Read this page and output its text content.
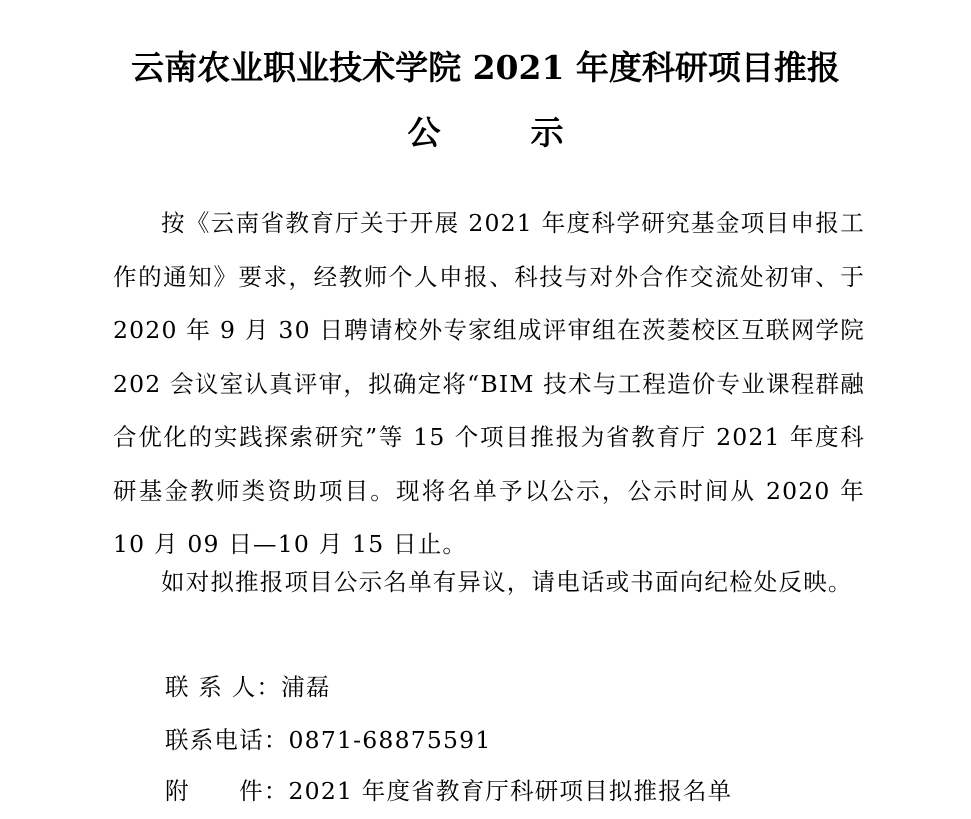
云南农业职业技术学院 2021 年度科研项目推报
公	示
按《云南省教育厅关于开展 2021 年度科学研究基金项目申报工作的通知》要求，经教师个人申报、科技与对外合作交流处初审、于 2020 年 9 月 30 日聘请校外专家组成评审组在茨菱校区互联网学院 202 会议室认真评审，拟确定将“BIM 技术与工程造价专业课程群融合优化的实践探索研究”等 15 个项目推报为省教育厅 2021 年度科研基金教师类资助项目。现将名单予以公示，公示时间从 2020 年 10 月 09 日—10 月 15 日止。
如对拟推报项目公示名单有异议，请电话或书面向纪检处反映。
联 系 人：浦磊
联系电话：0871-68875591
附　　件：2021 年度省教育厅科研项目拟推报名单
